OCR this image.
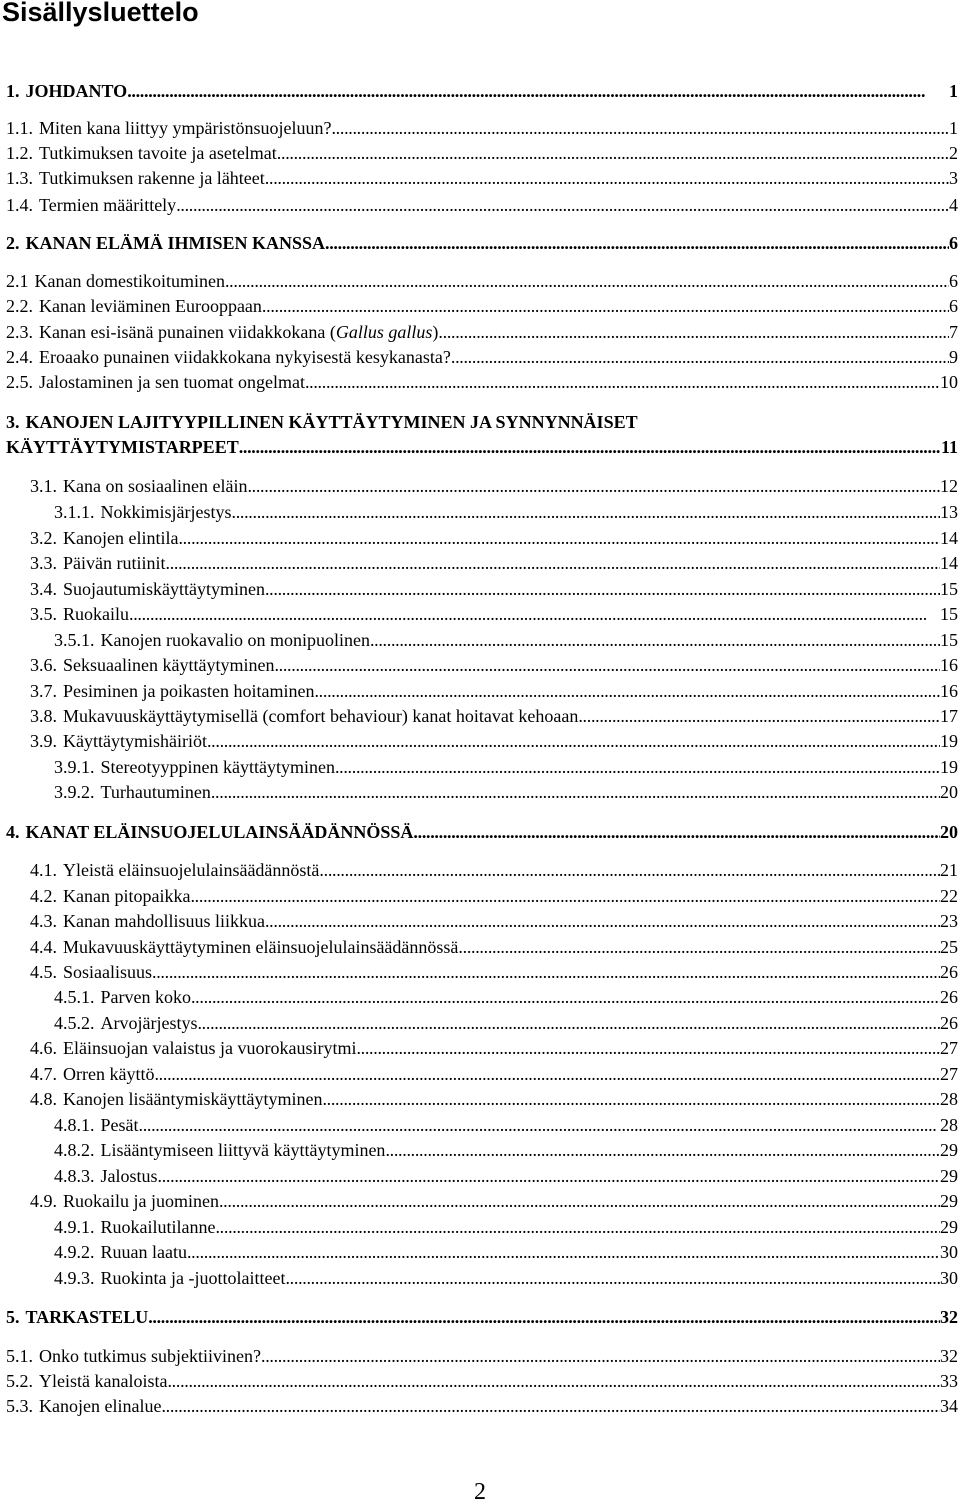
Sisällysluettelo
1. JOHDANTO . . .	1
1.1. Miten kana liittyy ympäristönsuojeluun? . . .	1
1.2. Tutkimuksen tavoite ja asetelmat . . .	2
1.3. Tutkimuksen rakenne ja lähteet . . .	3
1.4. Termien määrittely . . .	4
2. KANAN ELÄMÄ IHMISEN KANSSA . . .	6
2.1 Kanan domestikoituminen . . .	6
2.2. Kanan leviäminen Eurooppaan . . .	6
2.3. Kanan esi-isänä punainen viidakkokana (Gallus gallus) . . .	7
2.4. Eroaako punainen viidakkokana nykyisestä kesykanasta? . . .	9
2.5. Jalostaminen ja sen tuomat ongelmat . . .	10
3. KANOJEN LAJITYYPILLINEN KÄYTTÄYTYMINEN JA SYNNYNNÄISET
KÄYTTÄYTYMISTARPEET . . .	11
3.1. Kana on sosiaalinen eläin . . .	12
3.1.1. Nokkimisjärjestys . . .	13
3.2. Kanojen elintila . . .	14
3.3. Päivän rutiinit . . .	14
3.4. Suojautumiskäyttäytyminen . . .	15
3.5. Ruokailu . . .	15
3.5.1. Kanojen ruokavalio on monipuolinen . . .	15
3.6. Seksuaalinen käyttäytyminen . . .	16
3.7. Pesiminen ja poikasten hoitaminen . . .	16
3.8. Mukavuuskäyttäytymisellä (comfort behaviour) kanat hoitavat kehoaan . . .	17
3.9. Käyttäytymishäiriöt . . .	19
3.9.1. Stereotyyppinen käyttäytyminen . . .	19
3.9.2. Turhautuminen . . .	20
4. KANAT ELÄINSUOJELULAINSÄÄDÄNNÖSSÄ . . .	20
4.1. Yleistä eläinsuojelulainsäädännöstä . . .	21
4.2. Kanan pitopaikka . . .	22
4.3. Kanan mahdollisuus liikkua . . .	23
4.4. Mukavuuskäyttäytyminen eläinsuojelulainsäädännössä . . .	25
4.5. Sosiaalisuus . . .	26
4.5.1. Parven koko . . .	26
4.5.2. Arvojärjestys . . .	26
4.6. Eläinsuojan valaistus ja vuorokausirytmi . . .	27
4.7. Orren käyttö . . .	27
4.8. Kanojen lisääntymiskäyttäytyminen . . .	28
4.8.1. Pesät . . .	28
4.8.2. Lisääntymiseen liittyvä käyttäytyminen . . .	29
4.8.3. Jalostus . . .	29
4.9. Ruokailu ja juominen . . .	29
4.9.1. Ruokailutilanne . . .	29
4.9.2. Ruuan laatu . . .	30
4.9.3. Ruokinta ja -juottolaitteet . . .	30
5. TARKASTELU . . .	32
5.1. Onko tutkimus subjektiivinen? . . .	32
5.2. Yleistä kanaloista . . .	33
5.3. Kanojen elinalue . . .	34
2
